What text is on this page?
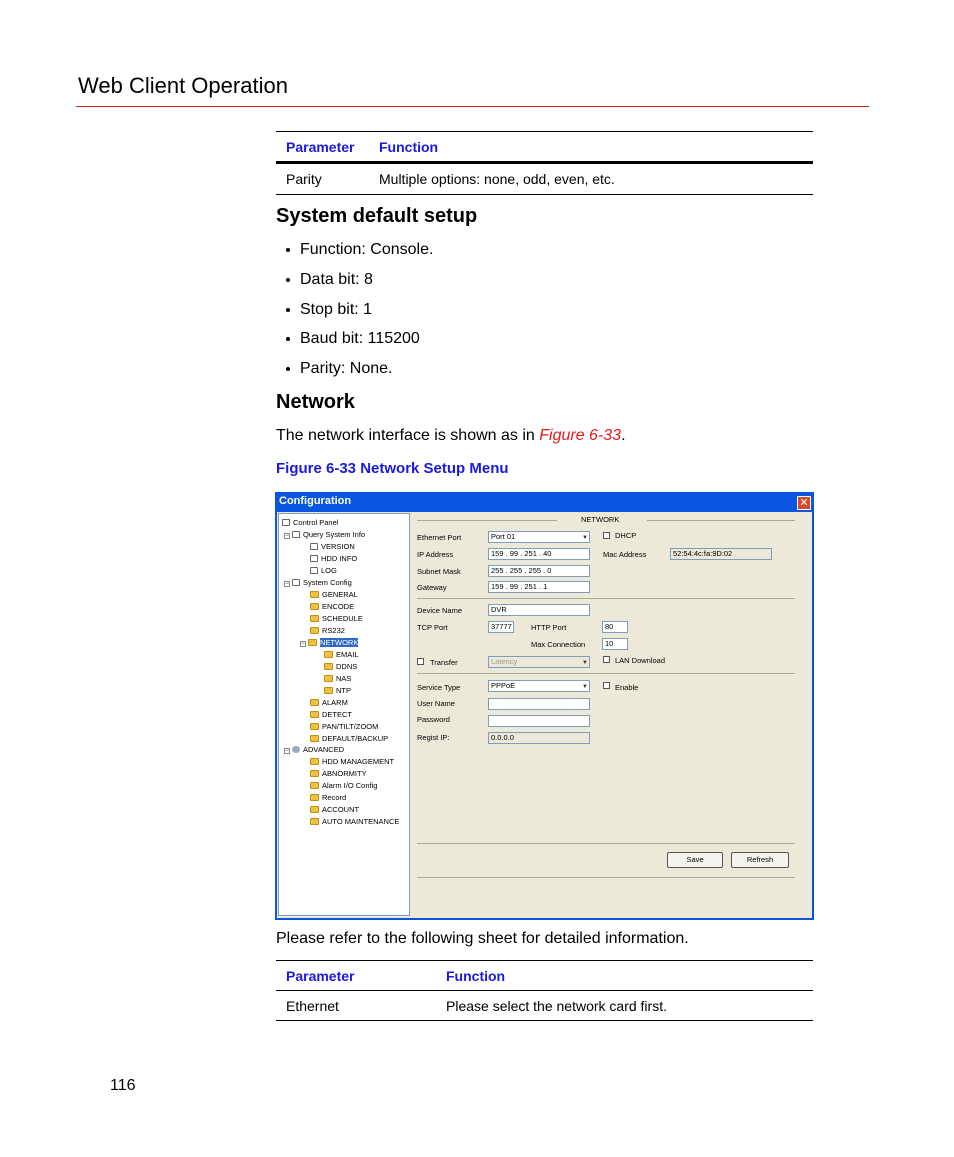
Web Client Operation
Parameter	Function
Parity	Multiple options: none, odd, even, etc.
System default setup
Function: Console.
Data bit: 8
Stop bit: 1
Baud bit: 115200
Parity: None.
Network
The network interface is shown as in Figure 6-33.
Figure 6-33 Network Setup Menu
Configuration	✕
Control Panel
− Query System Info
VERSION
HDD INFO
LOG
− System Config
GENERAL
ENCODE
SCHEDULE
RS232
− NETWORK
EMAIL
DDNS
NAS
NTP
ALARM
DETECT
PAN/TILT/ZOOM
DEFAULT/BACKUP
− ADVANCED
HDD MANAGEMENT
ABNORMITY
Alarm I/O Config
Record
ACCOUNT
AUTO MAINTENANCE
NETWORK
Ethernet Port	Port 01 ▼	DHCP
IP Address	159 . 99 . 251 . 40	Mac Address	52:54:4c:fa:9D:02
Subnet Mask	255 . 255 . 255 . 0
Gateway	159 . 99 . 251 . 1
Device Name	DVR
TCP Port	37777	HTTP Port	80
Max Connection	10
Transfer	Latency ▼	LAN Download
Service Type	PPPoE ▼	Enable
User Name
Password
Regist IP:	0.0.0.0
Save	Refresh
Please refer to the following sheet for detailed information.
Parameter	Function
Ethernet	Please select the network card first.
116
